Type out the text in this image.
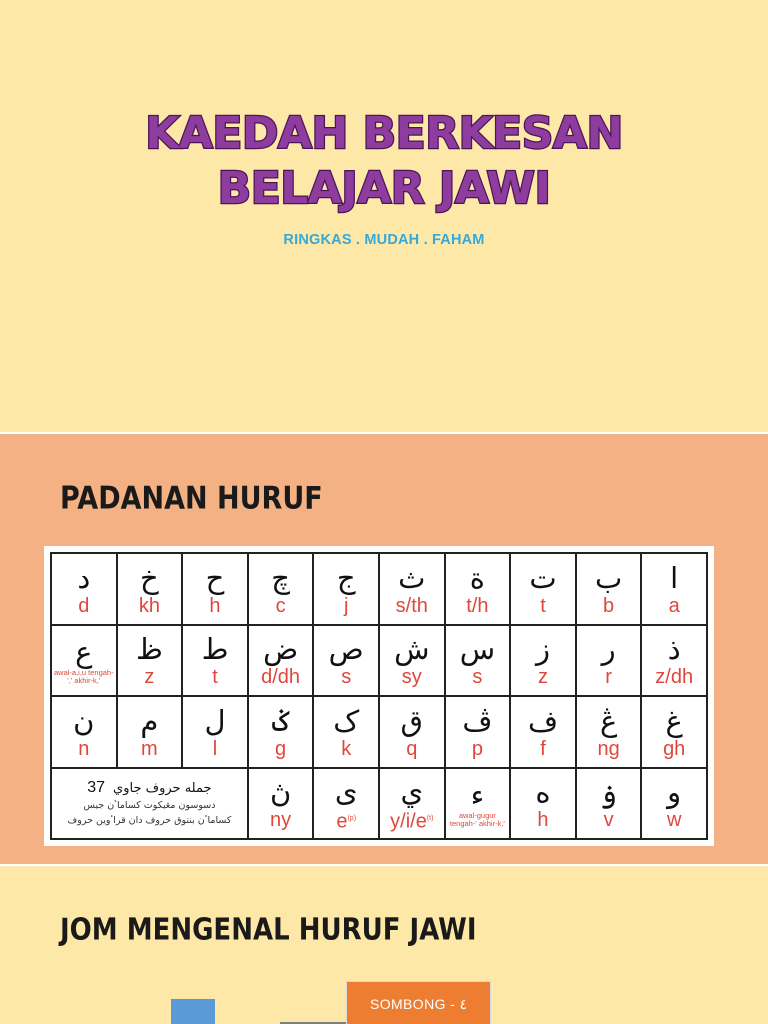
KAEDAH BERKESAN
BELAJAR JAWI

RINGKAS . MUDAH . FAHAM

PADANAN HURUF
د
d
خ
kh
ح
h
چ
c
ج
j
ث
s/th
ة
t/h
ت
t
ب
b
ا
a
ع
awal-a,i,u tengah-',' akhir-k,'
ظ
z
ط
t
ض
d/dh
ص
s
ش
sy
س
s
ز
z
ر
r
ذ
z/dh
ن
n
م
m
ل
l
ݢ
g
ک
k
ق
q
ڤ
p
ف
f
ڠ
ng
غ
gh
37 جمله حروف جاوي
دسوسون مڠيکوت کساماٴن جيس
کساماٴن بنتوق حروف دان قراٴوين حروف
ڽ
ny
ى
$e^{(p)}$
ي
$y/i/e^{(t)}$
ء
awal-gugur tengah-' akhir-k,'
ه
h
ۏ
v
و
w
JOM MENGENAL HURUF JAWI
SOMBONG - ٤
